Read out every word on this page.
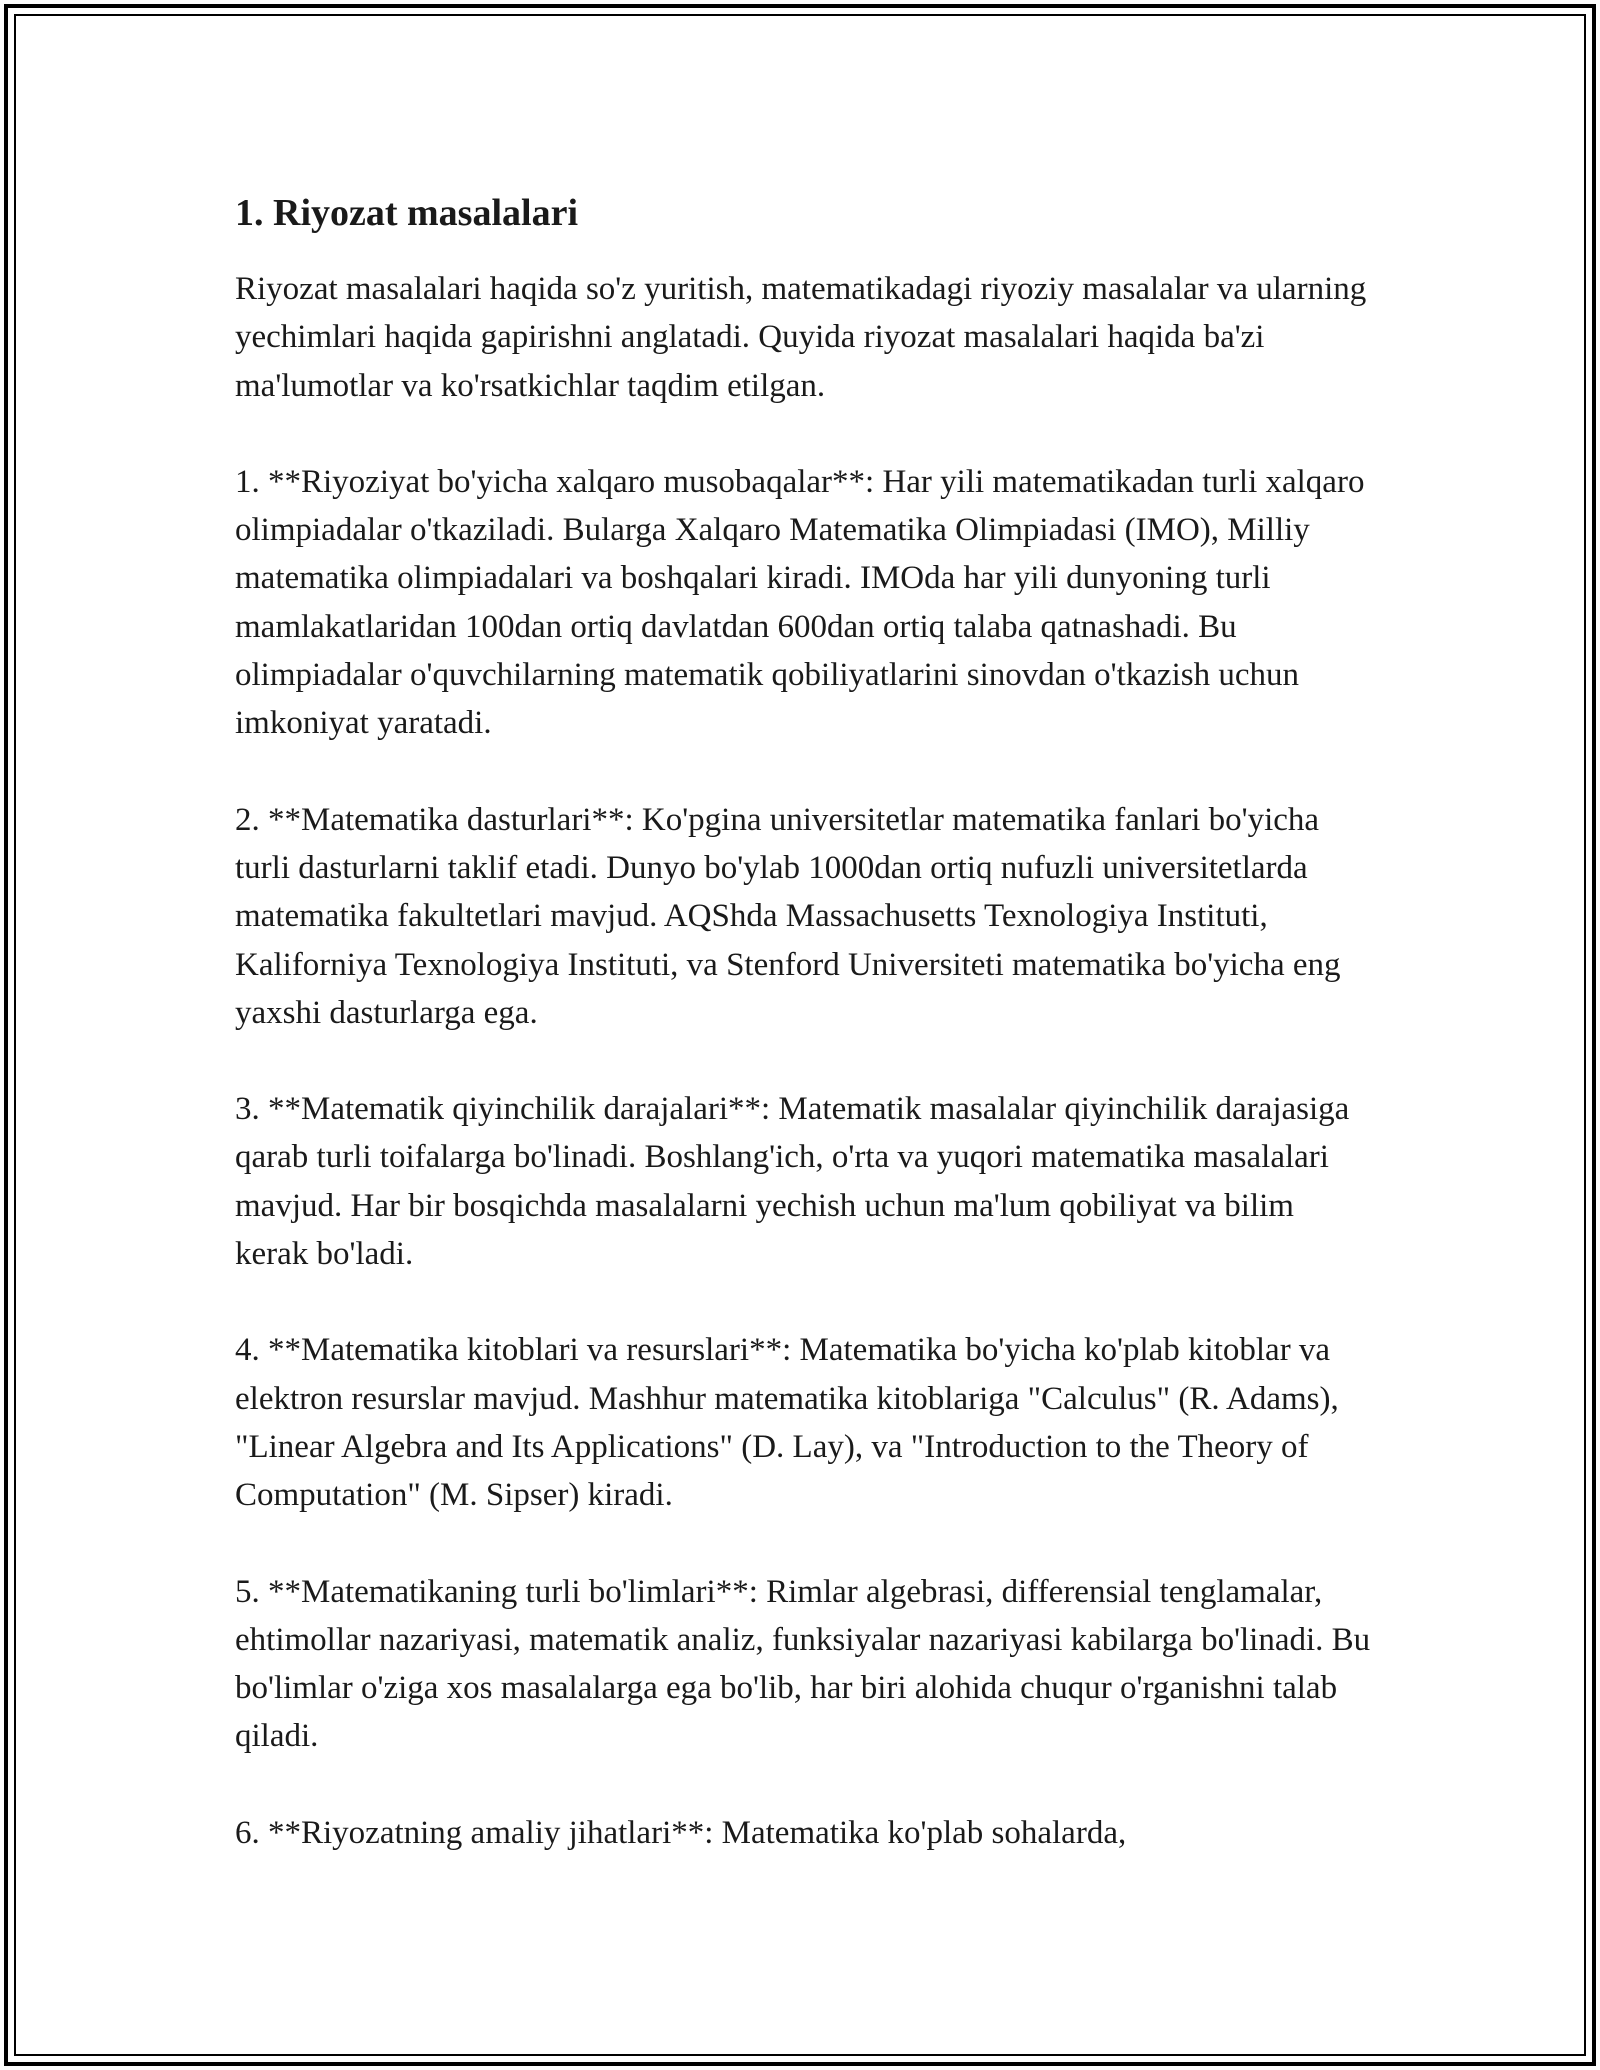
1. Riyozat masalalari

Riyozat masalalari haqida so'z yuritish, matematikadagi riyoziy masalalar va ularning yechimlari haqida gapirishni anglatadi. Quyida riyozat masalalari haqida ba'zi ma'lumotlar va ko'rsatkichlar taqdim etilgan.

1. **Riyoziyat bo'yicha xalqaro musobaqalar**: Har yili matematikadan turli xalqaro olimpiadalar o'tkaziladi. Bularga Xalqaro Matematika Olimpiadasi (IMO), Milliy matematika olimpiadalari va boshqalari kiradi. IMOda har yili dunyoning turli mamlakatlaridan 100dan ortiq davlatdan 600dan ortiq talaba qatnashadi. Bu olimpiadalar o'quvchilarning matematik qobiliyatlarini sinovdan o'tkazish uchun imkoniyat yaratadi.

2. **Matematika dasturlari**: Ko'pgina universitetlar matematika fanlari bo'yicha turli dasturlarni taklif etadi. Dunyo bo'ylab 1000dan ortiq nufuzli universitetlarda matematika fakultetlari mavjud. AQShda Massachusetts Texnologiya Instituti, Kaliforniya Texnologiya Instituti, va Stenford Universiteti matematika bo'yicha eng yaxshi dasturlarga ega.

3. **Matematik qiyinchilik darajalari**: Matematik masalalar qiyinchilik darajasiga qarab turli toifalarga bo'linadi. Boshlang'ich, o'rta va yuqori matematika masalalari mavjud. Har bir bosqichda masalalarni yechish uchun ma'lum qobiliyat va bilim kerak bo'ladi.

4. **Matematika kitoblari va resurslari**: Matematika bo'yicha ko'plab kitoblar va elektron resurslar mavjud. Mashhur matematika kitoblariga "Calculus" (R. Adams), "Linear Algebra and Its Applications" (D. Lay), va "Introduction to the Theory of Computation" (M. Sipser) kiradi.

5. **Matematikaning turli bo'limlari**: Rimlar algebrasi, differensial tenglamalar, ehtimollar nazariyasi, matematik analiz, funksiyalar nazariyasi kabilarga bo'linadi. Bu bo'limlar o'ziga xos masalalarga ega bo'lib, har biri alohida chuqur o'rganishni talab qiladi.

6. **Riyozatning amaliy jihatlari**: Matematika ko'plab sohalarda,
